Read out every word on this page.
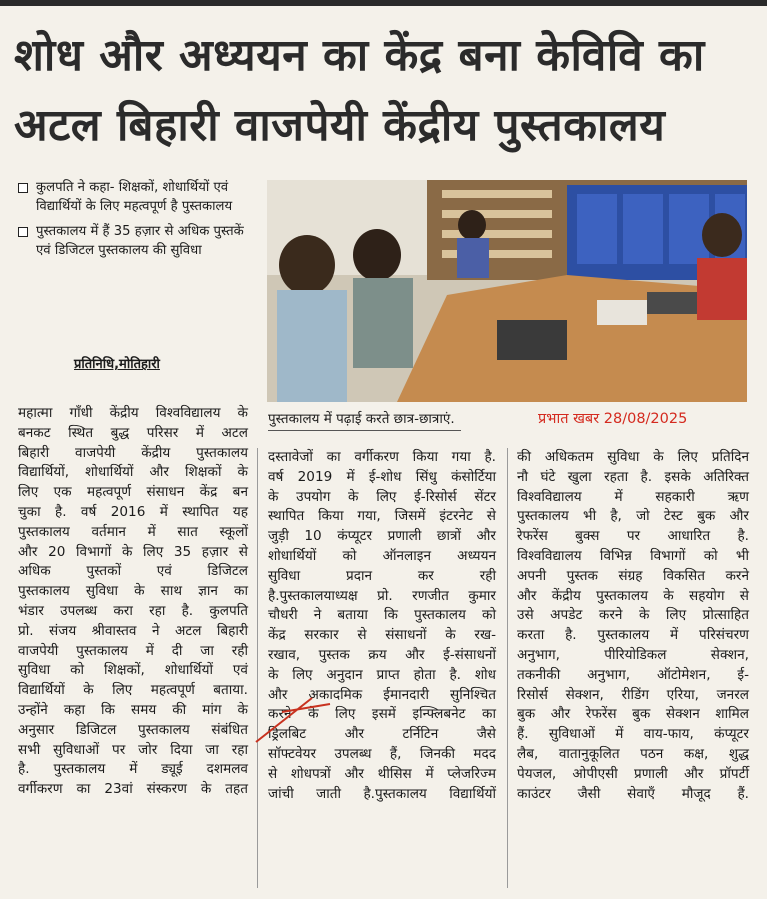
शोध और अध्ययन का केंद्र बना केविवि का
अटल बिहारी वाजपेयी केंद्रीय पुस्तकालय
कुलपति ने कहा- शिक्षकों, शोधार्थियों एवं विद्यार्थियों के लिए महत्वपूर्ण है पुस्तकालय
पुस्तकालय में हैं 35 हज़ार से अधिक पुस्तकें एवं डिजिटल पुस्तकालय की सुविधा
प्रतिनिधि,मोतिहारी
पुस्तकालय में पढ़ाई करते छात्र-छात्राएं.	प्रभात खबर 28/08/2025

महात्मा गाँधी केंद्रीय विश्वविद्यालय के

बनकट स्थित बुद्ध परिसर में अटल

बिहारी वाजपेयी केंद्रीय पुस्तकालय

विद्यार्थियों, शोधार्थियों और शिक्षकों के

लिए एक महत्वपूर्ण संसाधन केंद्र बन

चुका है. वर्ष 2016 में स्थापित यह

पुस्तकालय वर्तमान में सात स्कूलों

और 20 विभागों के लिए 35 हज़ार से

अधिक पुस्तकों एवं डिजिटल

पुस्तकालय सुविधा के साथ ज्ञान का

भंडार उपलब्ध करा रहा है. कुलपति

प्रो. संजय श्रीवास्तव ने अटल बिहारी

वाजपेयी पुस्तकालय में दी जा रही

सुविधा को शिक्षकों, शोधार्थियों एवं

विद्यार्थियों के लिए महत्वपूर्ण बताया.

उन्होंने कहा कि समय की मांग के

अनुसार डिजिटल पुस्तकालय संबंधित

सभी सुविधाओं पर जोर दिया जा रहा

है. पुस्तकालय में ड्यूई दशमलव

वर्गीकरण का 23वां संस्करण के तहत

दस्तावेजों का वर्गीकरण किया गया है.

वर्ष 2019 में ई-शोध सिंधु कंसोर्टिया

के उपयोग के लिए ई-रिसोर्स सेंटर

स्थापित किया गया, जिसमें इंटरनेट से

जुड़ी 10 कंप्यूटर प्रणाली छात्रों और

शोधार्थियों को ऑनलाइन अध्ययन

सुविधा प्रदान कर रही

है.पुस्तकालयाध्यक्ष प्रो. रणजीत कुमार

चौधरी ने बताया कि पुस्तकालय को

केंद्र सरकार से संसाधनों के रख-

रखाव, पुस्तक क्रय और ई-संसाधनों

के लिए अनुदान प्राप्त होता है. शोध

और अकादमिक ईमानदारी सुनिश्चित

करने के लिए इसमें इन्फ्लिबनेट का

ड्रिलबिट और टर्निटिन जैसे

सॉफ्टवेयर उपलब्ध हैं, जिनकी मदद

से शोधपत्रों और थीसिस में प्लेजरिज्म

जांची जाती है.पुस्तकालय विद्यार्थियों

की अधिकतम सुविधा के लिए प्रतिदिन

नौ घंटे खुला रहता है. इसके अतिरिक्त

विश्वविद्यालय में सहकारी ऋण

पुस्तकालय भी है, जो टेस्ट बुक और

रेफरेंस बुक्स पर आधारित है.

विश्वविद्यालय विभिन्न विभागों को भी

अपनी पुस्तक संग्रह विकसित करने

और केंद्रीय पुस्तकालय के सहयोग से

उसे अपडेट करने के लिए प्रोत्साहित

करता है. पुस्तकालय में परिसंचरण

अनुभाग, पीरियोडिकल सेक्शन,

तकनीकी अनुभाग, ऑटोमेशन, ई-

रिसोर्स सेक्शन, रीडिंग एरिया, जनरल

बुक और रेफरेंस बुक सेक्शन शामिल

हैं. सुविधाओं में वाय-फाय, कंप्यूटर

लैब, वातानुकूलित पठन कक्ष, शुद्ध

पेयजल, ओपीएसी प्रणाली और प्रॉपर्टी

काउंटर जैसी सेवाएँ मौजूद हैं.
